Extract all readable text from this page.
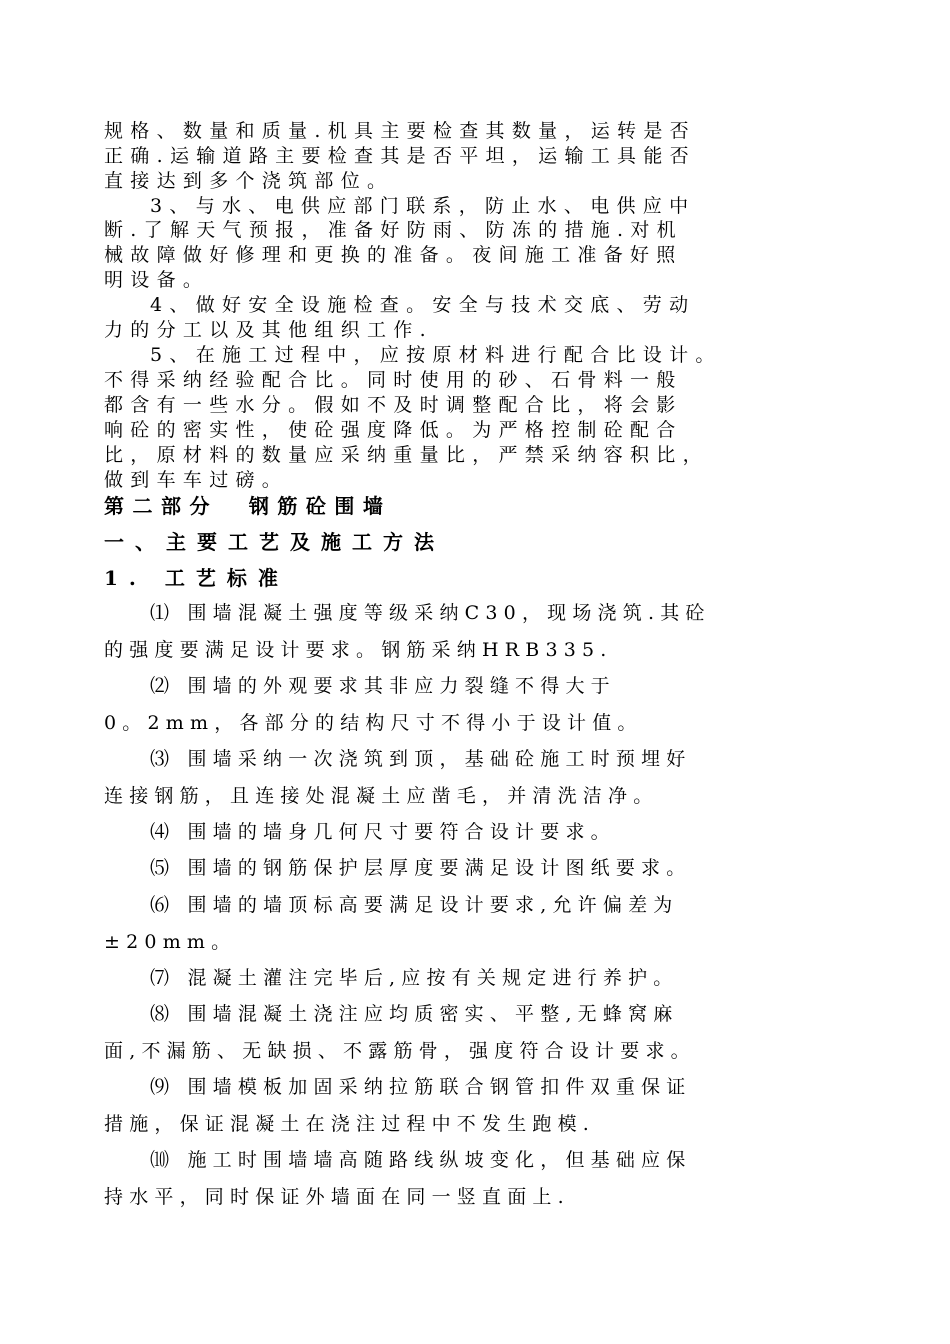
规格、数量和质量.机具主要检查其数量，运转是否
正确.运输道路主要检查其是否平坦，运输工具能否
直接达到多个浇筑部位。
3、与水、电供应部门联系，防止水、电供应中
断.了解天气预报，准备好防雨、防冻的措施.对机
械故障做好修理和更换的准备。夜间施工准备好照
明设备。
4、做好安全设施检查。安全与技术交底、劳动
力的分工以及其他组织工作.
5、在施工过程中，应按原材料进行配合比设计。
不得采纳经验配合比。同时使用的砂、石骨料一般
都含有一些水分。假如不及时调整配合比，将会影
响砼的密实性，使砼强度降低。为严格控制砼配合
比，原材料的数量应采纳重量比，严禁采纳容积比，
做到车车过磅。
第二部分  钢筋砼围墙
一、主要工艺及施工方法
1. 工艺标准
⑴ 围墙混凝土强度等级采纳C30，现场浇筑.其砼
的强度要满足设计要求。钢筋采纳HRB335.
⑵ 围墙的外观要求其非应力裂缝不得大于
0。2mm，各部分的结构尺寸不得小于设计值。
⑶ 围墙采纳一次浇筑到顶，基础砼施工时预埋好
连接钢筋，且连接处混凝土应凿毛，并清洗洁净。
⑷ 围墙的墙身几何尺寸要符合设计要求。
⑸ 围墙的钢筋保护层厚度要满足设计图纸要求。
⑹ 围墙的墙顶标高要满足设计要求,允许偏差为
±20mm。
⑺ 混凝土灌注完毕后,应按有关规定进行养护。
⑻ 围墙混凝土浇注应均质密实、平整,无蜂窝麻
面,不漏筋、无缺损、不露筋骨，强度符合设计要求。
⑼ 围墙模板加固采纳拉筋联合钢管扣件双重保证
措施，保证混凝土在浇注过程中不发生跑模.
⑽ 施工时围墙墙高随路线纵坡变化，但基础应保
持水平，同时保证外墙面在同一竖直面上.
